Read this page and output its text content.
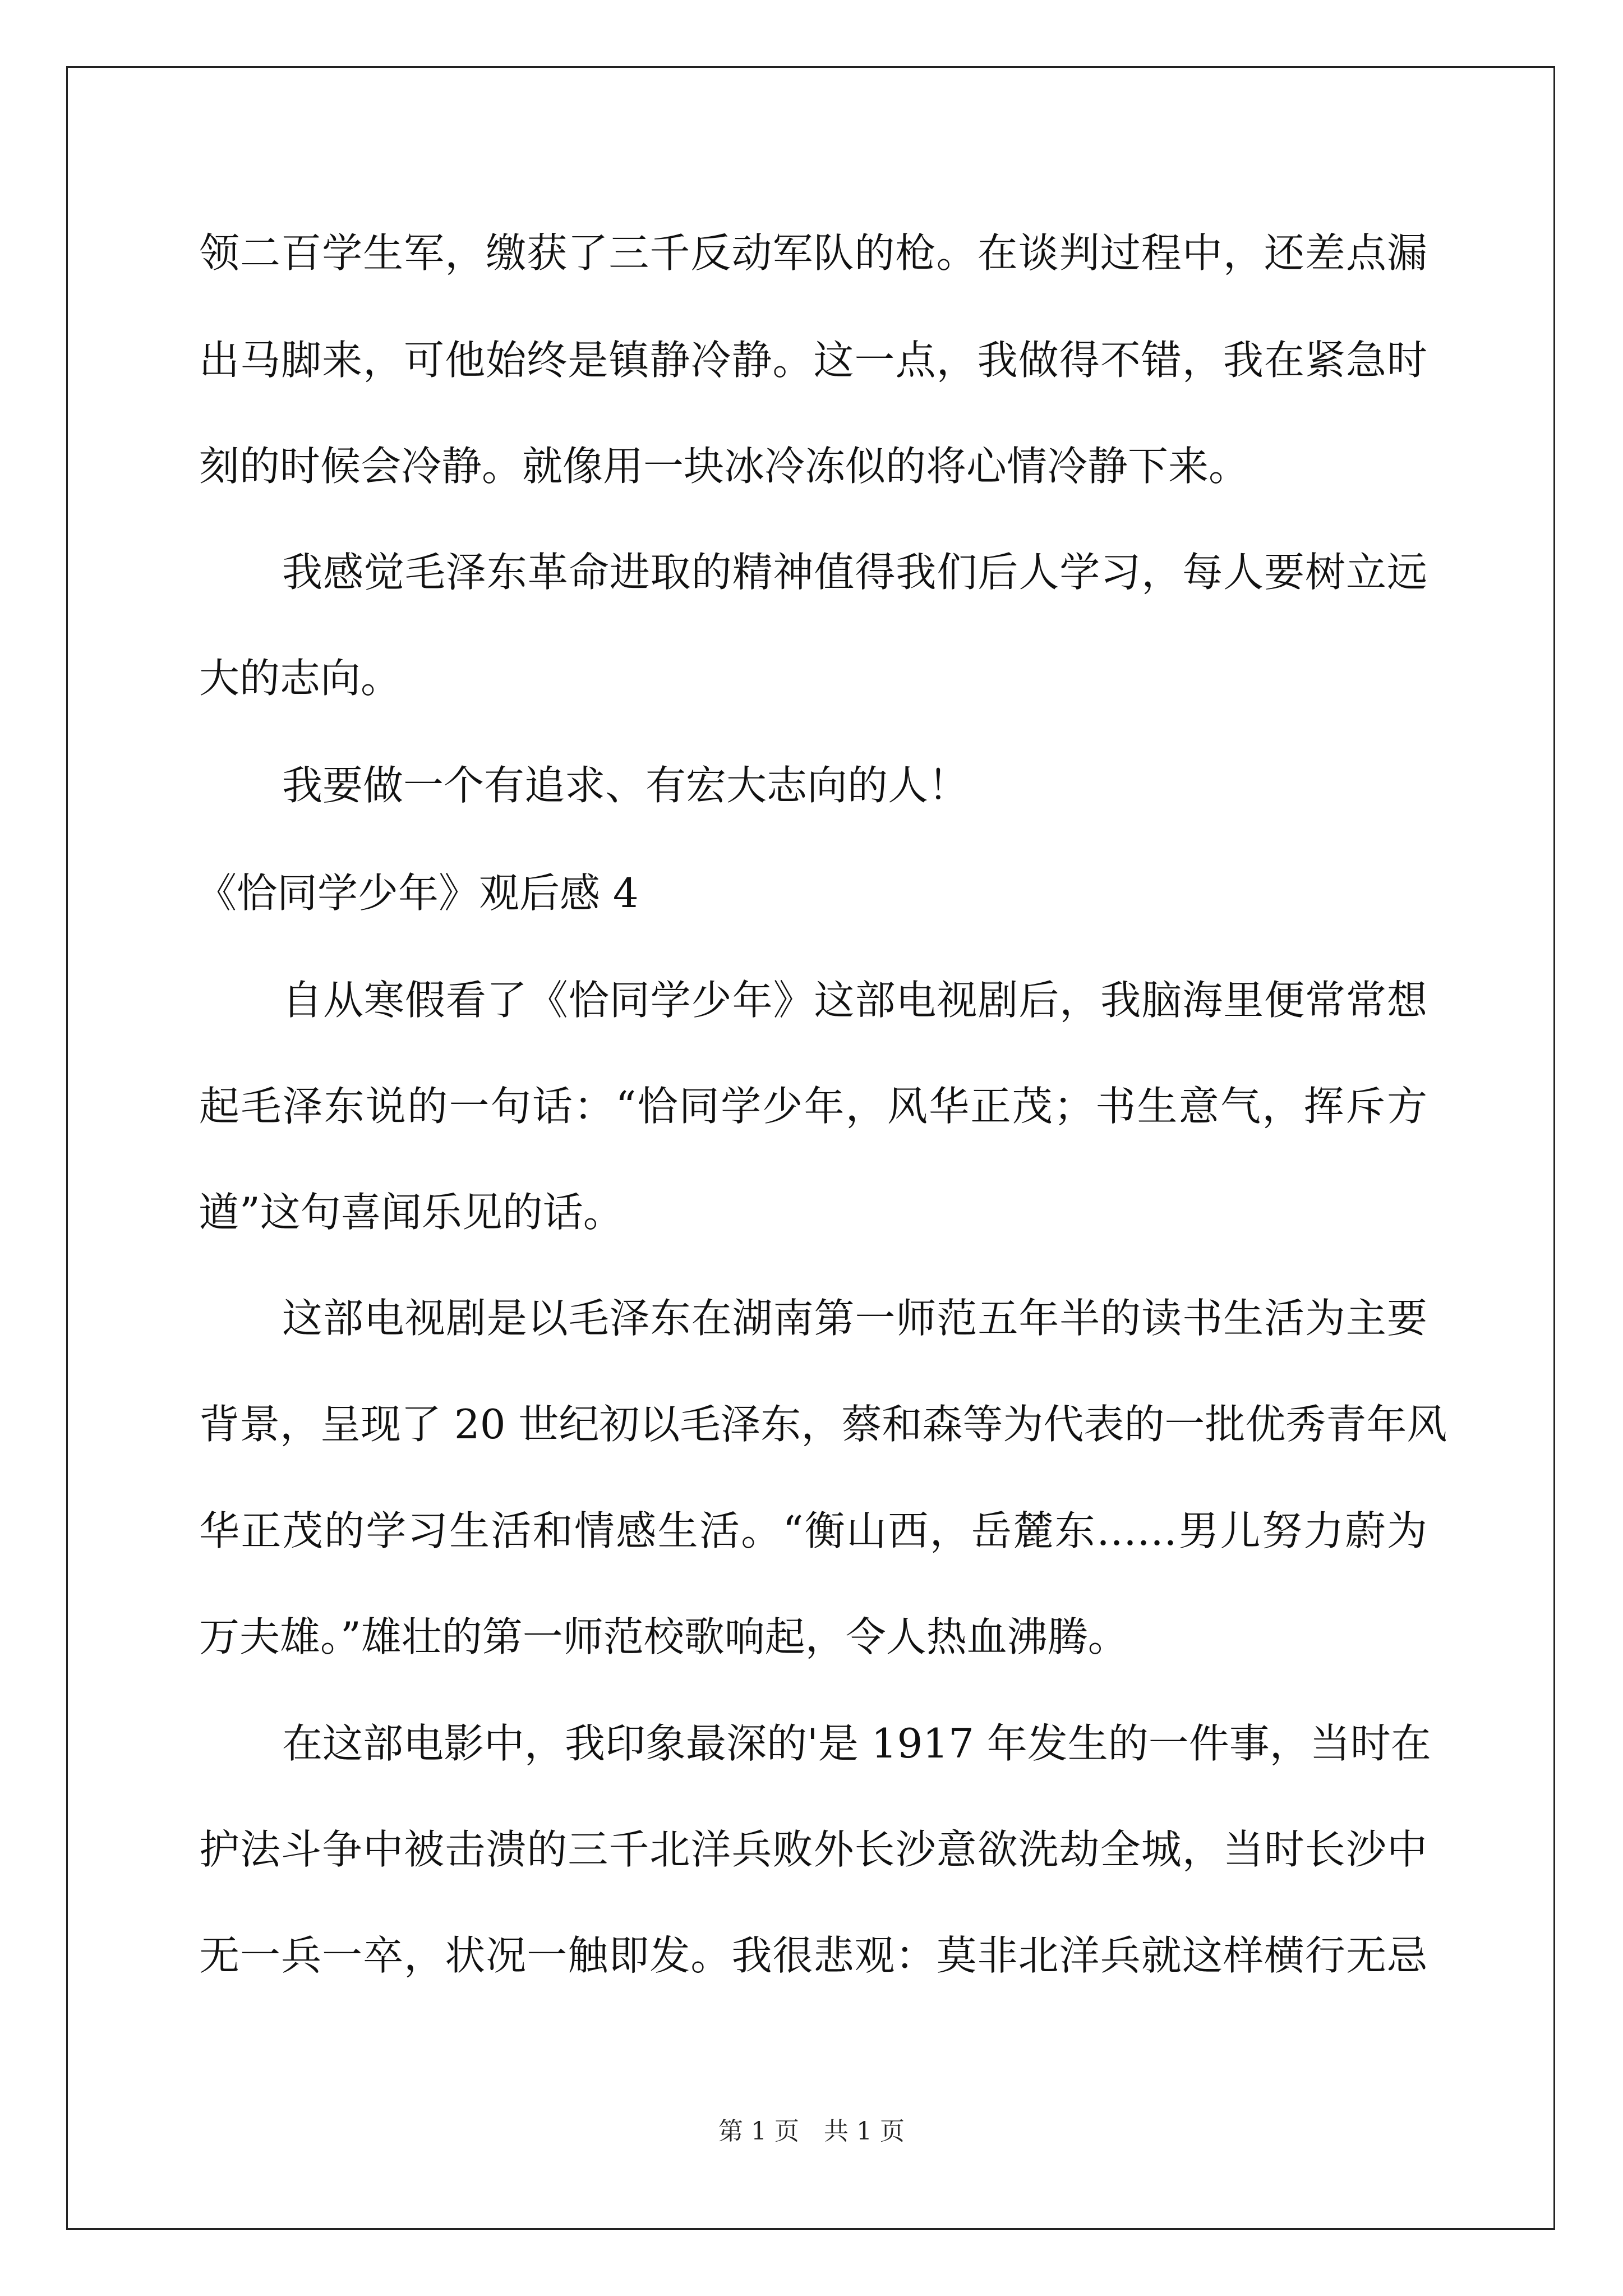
领二百学生军，缴获了三千反动军队的枪。在谈判过程中，还差点漏
出马脚来，可他始终是镇静冷静。这一点，我做得不错，我在紧急时
刻的时候会冷静。就像用一块冰冷冻似的将心情冷静下来。
我感觉毛泽东革命进取的精神值得我们后人学习，每人要树立远
大的志向。
我要做一个有追求、有宏大志向的人！
《恰同学少年》观后感 4
自从寒假看了《恰同学少年》这部电视剧后，我脑海里便常常想
起毛泽东说的一句话：“恰同学少年，风华正茂；书生意气，挥斥方
遒”这句喜闻乐见的话。
这部电视剧是以毛泽东在湖南第一师范五年半的读书生活为主要
背景，呈现了 20 世纪初以毛泽东，蔡和森等为代表的一批优秀青年风
华正茂的学习生活和情感生活。“衡山西，岳麓东……男儿努力蔚为
万夫雄。”雄壮的第一师范校歌响起，令人热血沸腾。
在这部电影中，我印象最深的'是 1917 年发生的一件事，当时在
护法斗争中被击溃的三千北洋兵败外长沙意欲洗劫全城，当时长沙中
无一兵一卒，状况一触即发。我很悲观：莫非北洋兵就这样横行无忌
第 1 页　共 1 页
